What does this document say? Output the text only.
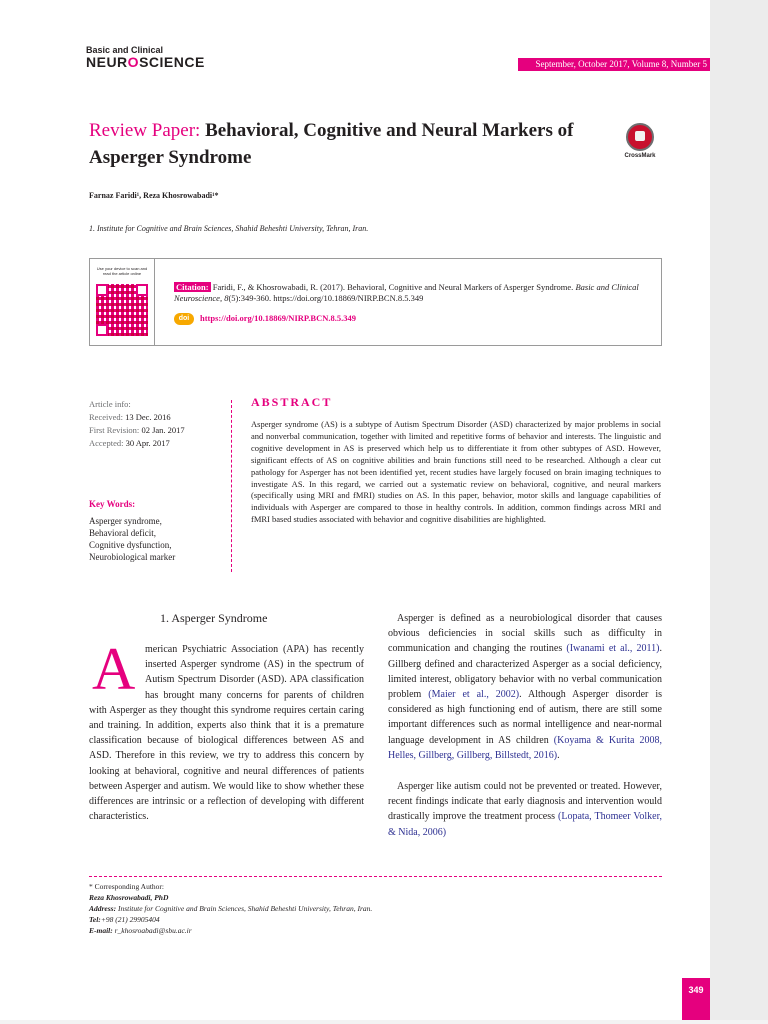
Basic and Clinical
NEUROSCIENCE	September, October 2017, Volume 8, Number 5
Review Paper: Behavioral, Cognitive and Neural Markers of Asperger Syndrome	CrossMark
Farnaz Faridi¹, Reza Khosrowabadi¹*
1. Institute for Cognitive and Brain Sciences, Shahid Beheshti University, Tehran, Iran.
Use your device to scan and read the article online
Citation: Faridi, F., & Khosrowabadi, R. (2017). Behavioral, Cognitive and Neural Markers of Asperger Syndrome. Basic and Clinical Neuroscience, 8(5):349-360. https://doi.org/10.18869/NIRP.BCN.8.5.349
doi https://doi.org/10.18869/NIRP.BCN.8.5.349
Article info:
Received: 13 Dec. 2016
First Revision: 02 Jan. 2017
Accepted: 30 Apr. 2017
Key Words:
Asperger syndrome,
Behavioral deficit,
Cognitive dysfunction,
Neurobiological marker
ABSTRACT
Asperger syndrome (AS) is a subtype of Autism Spectrum Disorder (ASD) characterized by major problems in social and nonverbal communication, together with limited and repetitive forms of behavior and interests. The linguistic and cognitive development in AS is preserved which help us to differentiate it from other subtypes of ASD. However, significant effects of AS on cognitive abilities and brain functions still need to be researched. Although a clear cut pathology for Asperger has not been identified yet, recent studies have largely focused on brain imaging techniques to investigate AS. In this regard, we carried out a systematic review on behavioral, cognitive, and neural markers (specifically using MRI and fMRI) studies on AS. In this paper, behavior, motor skills and language capabilities of individuals with Asperger are compared to those in healthy controls. In addition, common findings across MRI and fMRI based studies associated with behavior and cognitive disabilities are highlighted.
1. Asperger Syndrome
A merican Psychiatric Association (APA) has recently inserted Asperger syndrome (AS) in the spectrum of Autism Spectrum Disorder (ASD). APA classification has brought many concerns for parents of children with Asperger as they thought this syndrome requires certain caring and training. In addition, experts also think that it is a premature classification because of biological differences between AS and ASD. Therefore in this review, we try to address this concern by looking at behavioral, cognitive and neural differences of patients between Asperger and autism. We would like to show whether these differences are intrinsic or a reflection of developing with different characteristics.

Asperger is defined as a neurobiological disorder that causes obvious deficiencies in social skills such as difficulty in communication and changing the routines (Iwanami et al., 2011). Gillberg defined and characterized Asperger as a social deficiency, limited interest, obligatory behavior with no verbal communication problem (Maier et al., 2002). Although Asperger disorder is considered as high functioning end of autism, there are still some important differences such as normal intelligence and near-normal language development in AS children (Koyama & Kurita 2008, Helles, Gillberg, Gillberg, Billstedt, 2016).

Asperger like autism could not be prevented or treated. However, recent findings indicate that early diagnosis and intervention would drastically improve the treatment process (Lopata, Thomeer Volker, & Nida, 2006)

* Corresponding Author:
Reza Khosrowabadi, PhD
Address: Institute for Cognitive and Brain Sciences, Shahid Beheshti University, Tehran, Iran.
Tel:+98 (21) 29905404
E-mail: r_khosroabadi@sbu.ac.ir
349
